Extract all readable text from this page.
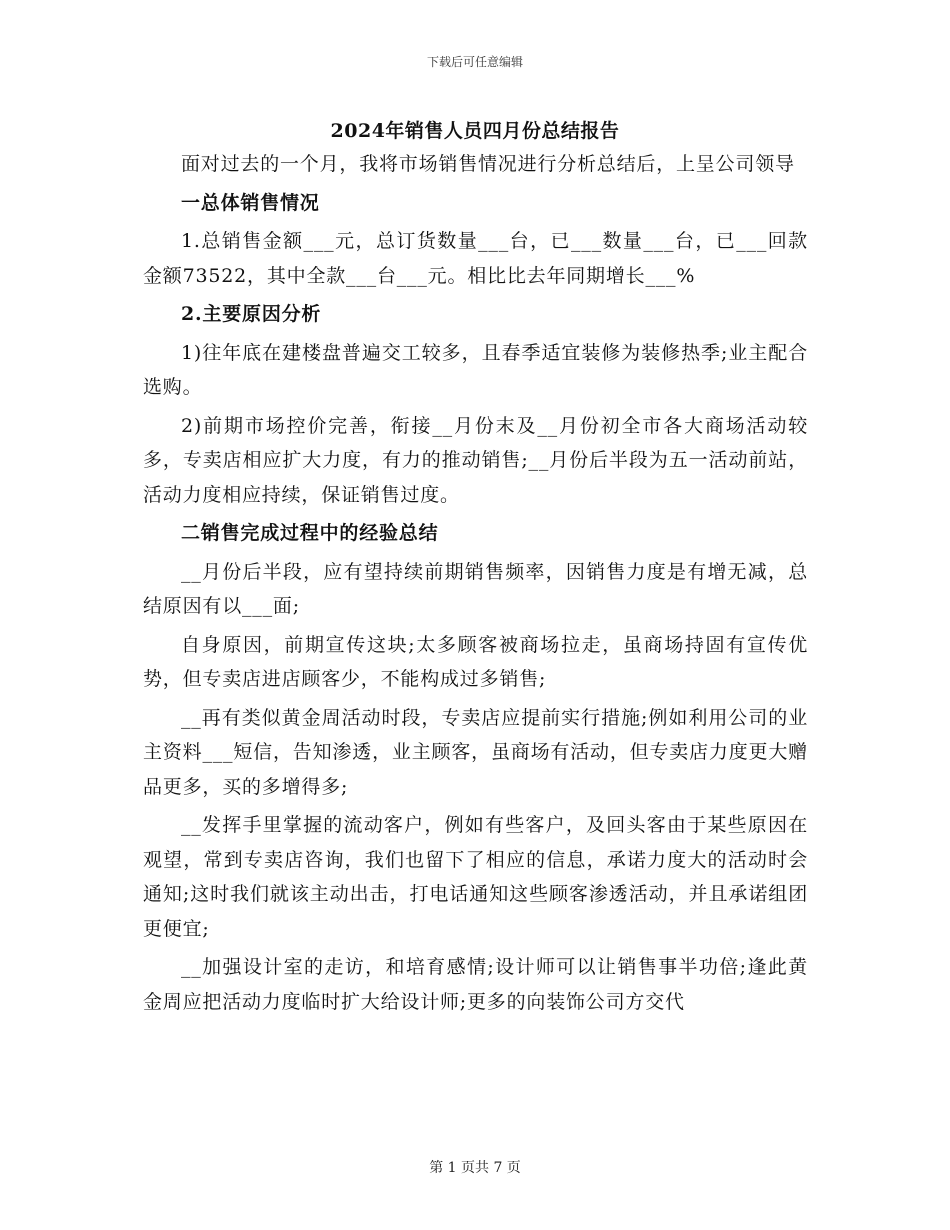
下载后可任意编辑
2024年销售人员四月份总结报告

面对过去的一个月，我将市场销售情况进行分析总结后，上呈公司领导

一总体销售情况

1.总销售金额___元，总订货数量___台，已___数量___台，已___回款金额73522，其中全款___台___元。相比比去年同期增长___%

2.主要原因分析

1)往年底在建楼盘普遍交工较多，且春季适宜装修为装修热季;业主配合选购。

2)前期市场控价完善，衔接__月份末及__月份初全市各大商场活动较多，专卖店相应扩大力度，有力的推动销售;__月份后半段为五一活动前站，活动力度相应持续，保证销售过度。

二销售完成过程中的经验总结

__月份后半段，应有望持续前期销售频率，因销售力度是有增无减，总结原因有以___面;

自身原因，前期宣传这块;太多顾客被商场拉走，虽商场持固有宣传优势，但专卖店进店顾客少，不能构成过多销售;

__再有类似黄金周活动时段，专卖店应提前实行措施;例如利用公司的业主资料___短信，告知渗透，业主顾客，虽商场有活动，但专卖店力度更大赠品更多，买的多增得多;

__发挥手里掌握的流动客户，例如有些客户，及回头客由于某些原因在观望，常到专卖店咨询，我们也留下了相应的信息，承诺力度大的活动时会通知;这时我们就该主动出击，打电话通知这些顾客渗透活动，并且承诺组团更便宜;

__加强设计室的走访，和培育感情;设计师可以让销售事半功倍;逢此黄金周应把活动力度临时扩大给设计师;更多的向装饰公司方交代

第 1 页共 7 页
